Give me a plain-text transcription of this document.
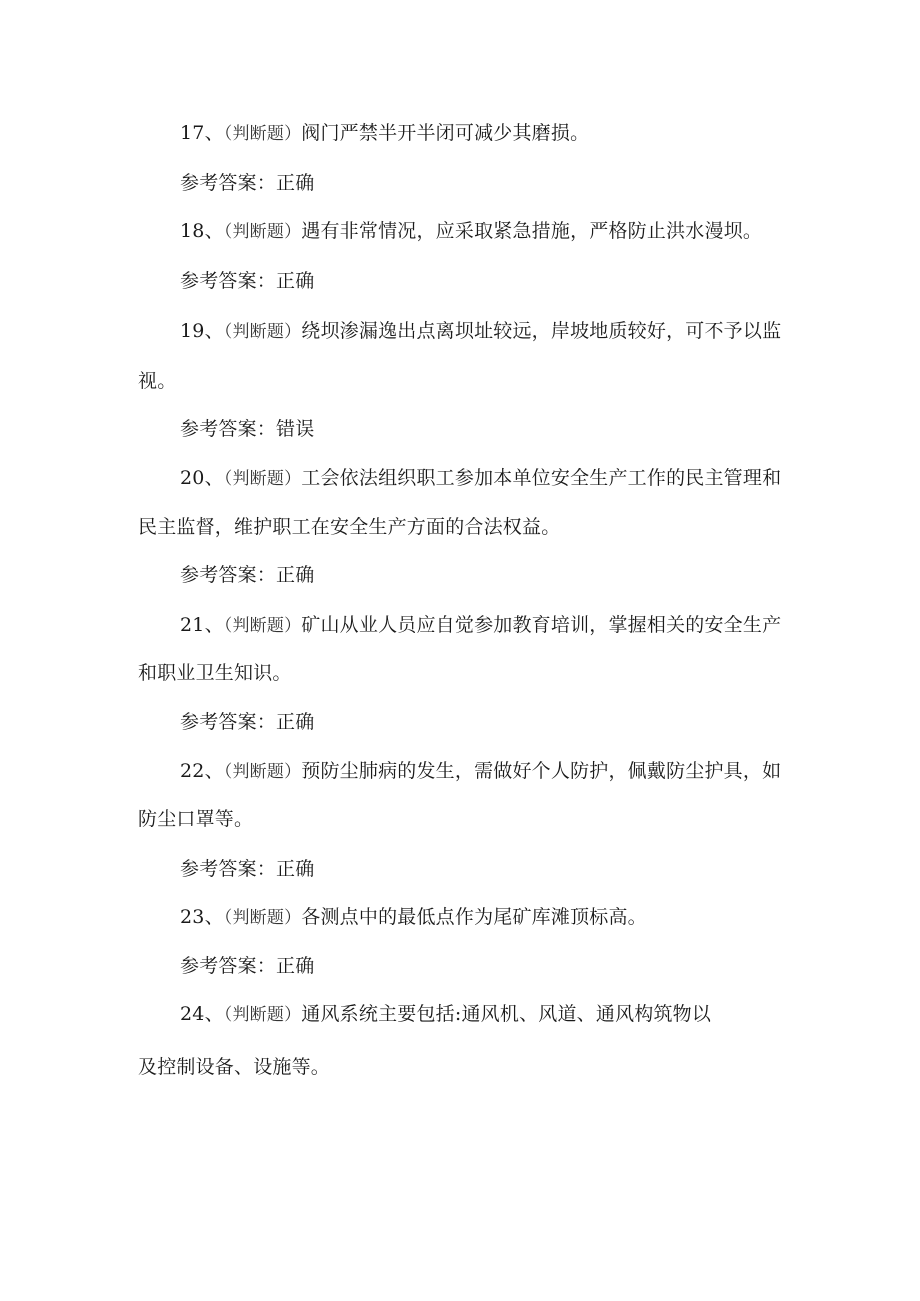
17、（判断题）阀门严禁半开半闭可减少其磨损。
参考答案：正确
18、（判断题）遇有非常情况，应采取紧急措施，严格防止洪水漫坝。
参考答案：正确
19、（判断题）绕坝渗漏逸出点离坝址较远，岸坡地质较好，可不予以监
视。
参考答案：错误
20、（判断题）工会依法组织职工参加本单位安全生产工作的民主管理和
民主监督，维护职工在安全生产方面的合法权益。
参考答案：正确
21、（判断题）矿山从业人员应自觉参加教育培训，掌握相关的安全生产
和职业卫生知识。
参考答案：正确
22、（判断题）预防尘肺病的发生，需做好个人防护，佩戴防尘护具，如
防尘口罩等。
参考答案：正确
23、（判断题）各测点中的最低点作为尾矿库滩顶标高。
参考答案：正确
24、（判断题）通风系统主要包括:通风机、风道、通风构筑物以
及控制设备、设施等。
